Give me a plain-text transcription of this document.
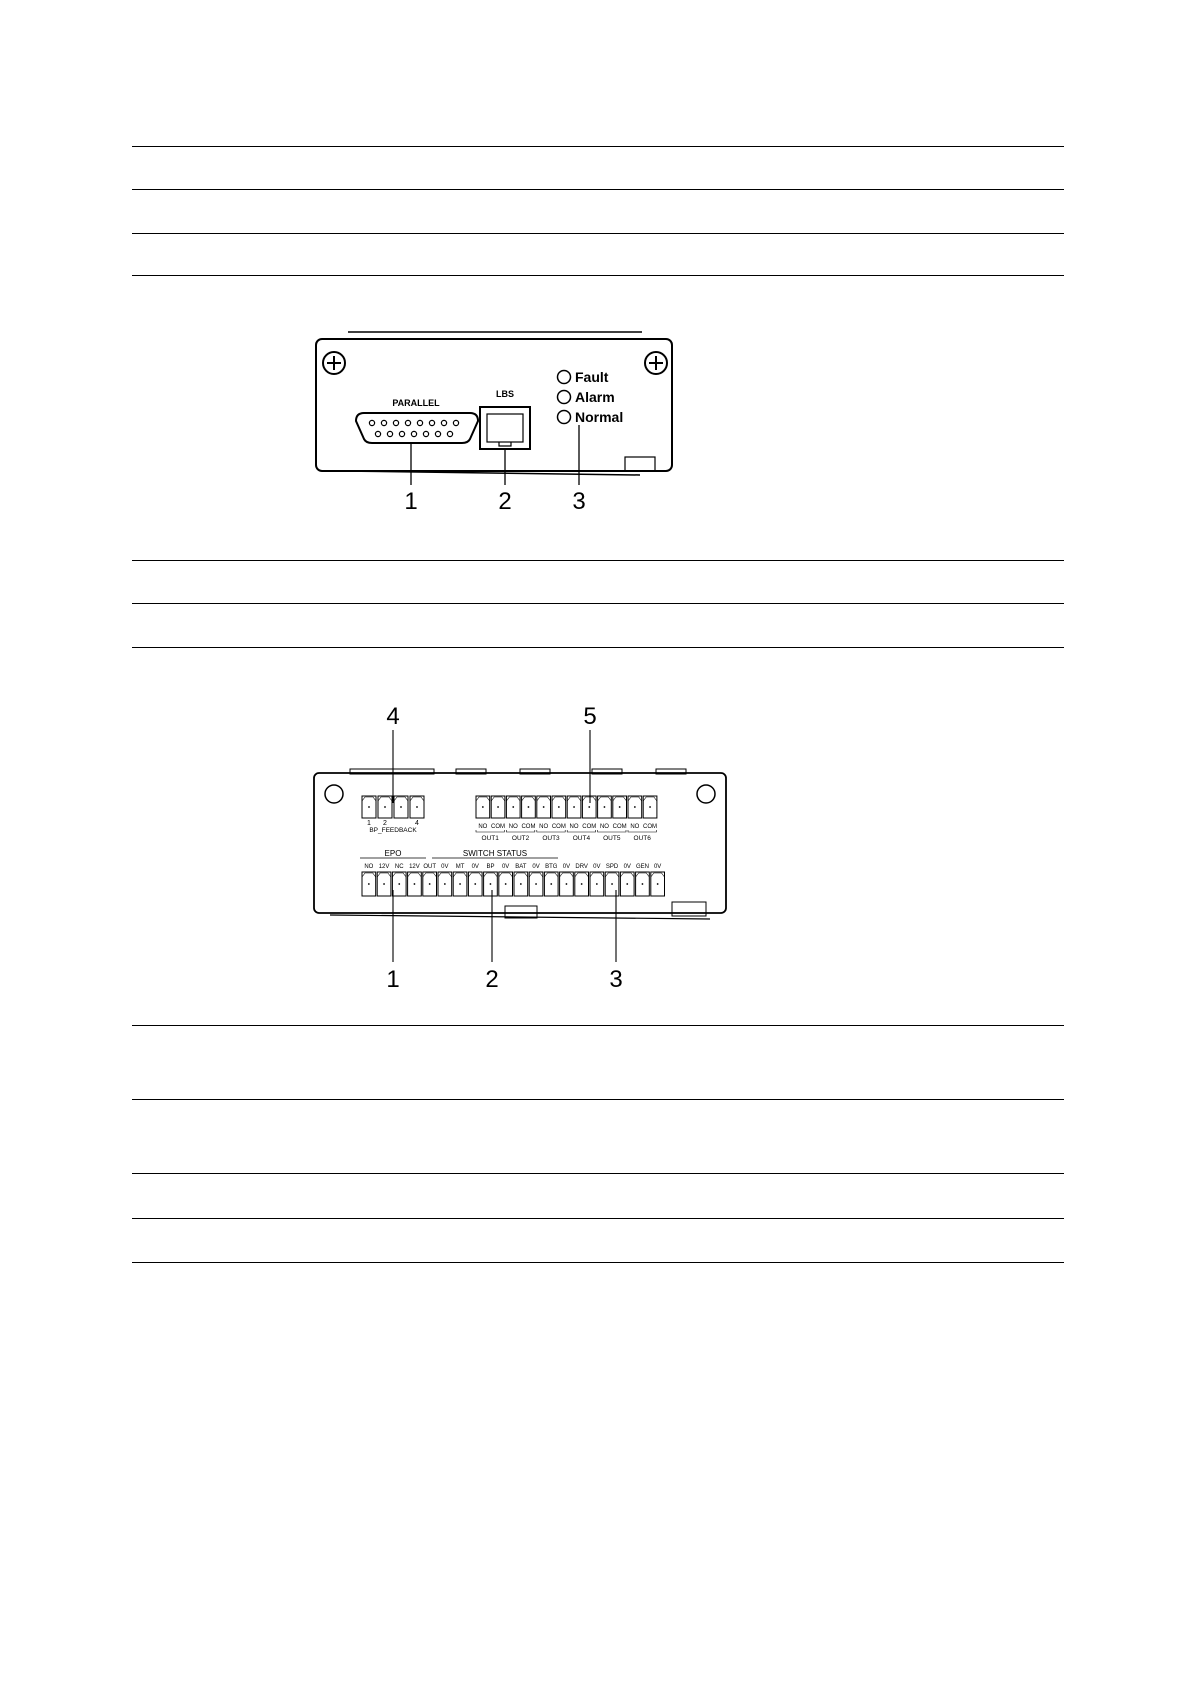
PARALLEL
LBS
Fault
Alarm
Normal
1	2	3
4	5
1 2	4
BP_FEEDBACK	NO COM NO COM NO COM NO COM NO COM NO COM
OUT1 OUT2 OUT3 OUT4 OUT5 OUT6
EPO	SWITCH STATUS
NO 12V NC 12V OUT 0V MT 0V BP 0V BAT 0V BTG 0V DRV 0V SPD 0V GEN 0V
1	2	3
